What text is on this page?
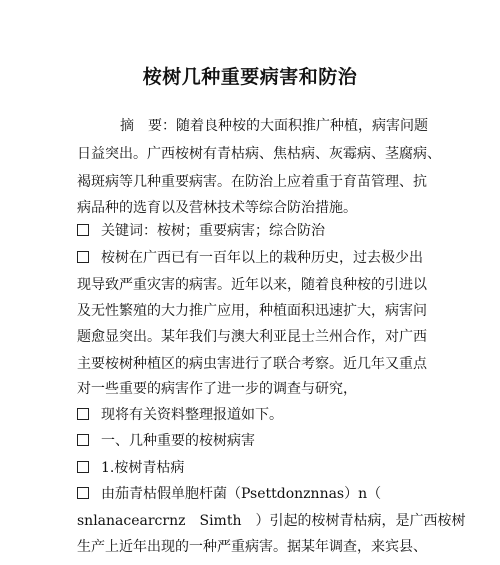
桉树几种重要病害和防治
摘　要：随着良种桉的大面积推广种植，病害问题
日益突出。广西桉树有青枯病、焦枯病、灰霉病、茎腐病、
褐斑病等几种重要病害。在防治上应着重于育苗管理、抗
病品种的选育以及营林技术等综合防治措施。
关键词：桉树；重要病害；综合防治
桉树在广西已有一百年以上的栽种历史，过去极少出
现导致严重灾害的病害。近年以来，随着良种桉的引进以
及无性繁殖的大力推广应用，种植面积迅速扩大，病害问
题愈显突出。某年我们与澳大利亚昆士兰州合作，对广西
主要桉树种植区的病虫害进行了联合考察。近几年又重点
对一些重要的病害作了进一步的调查与研究，
现将有关资料整理报道如下。
一、几种重要的桉树病害
1.桉树青枯病
由茄青枯假单胞杆菌（Psettdonznnas）n（
snlanacearcrnz　Simth　）引起的桉树青枯病，是广西桉树
生产上近年出现的一种严重病害。据某年调查，来宾县、
